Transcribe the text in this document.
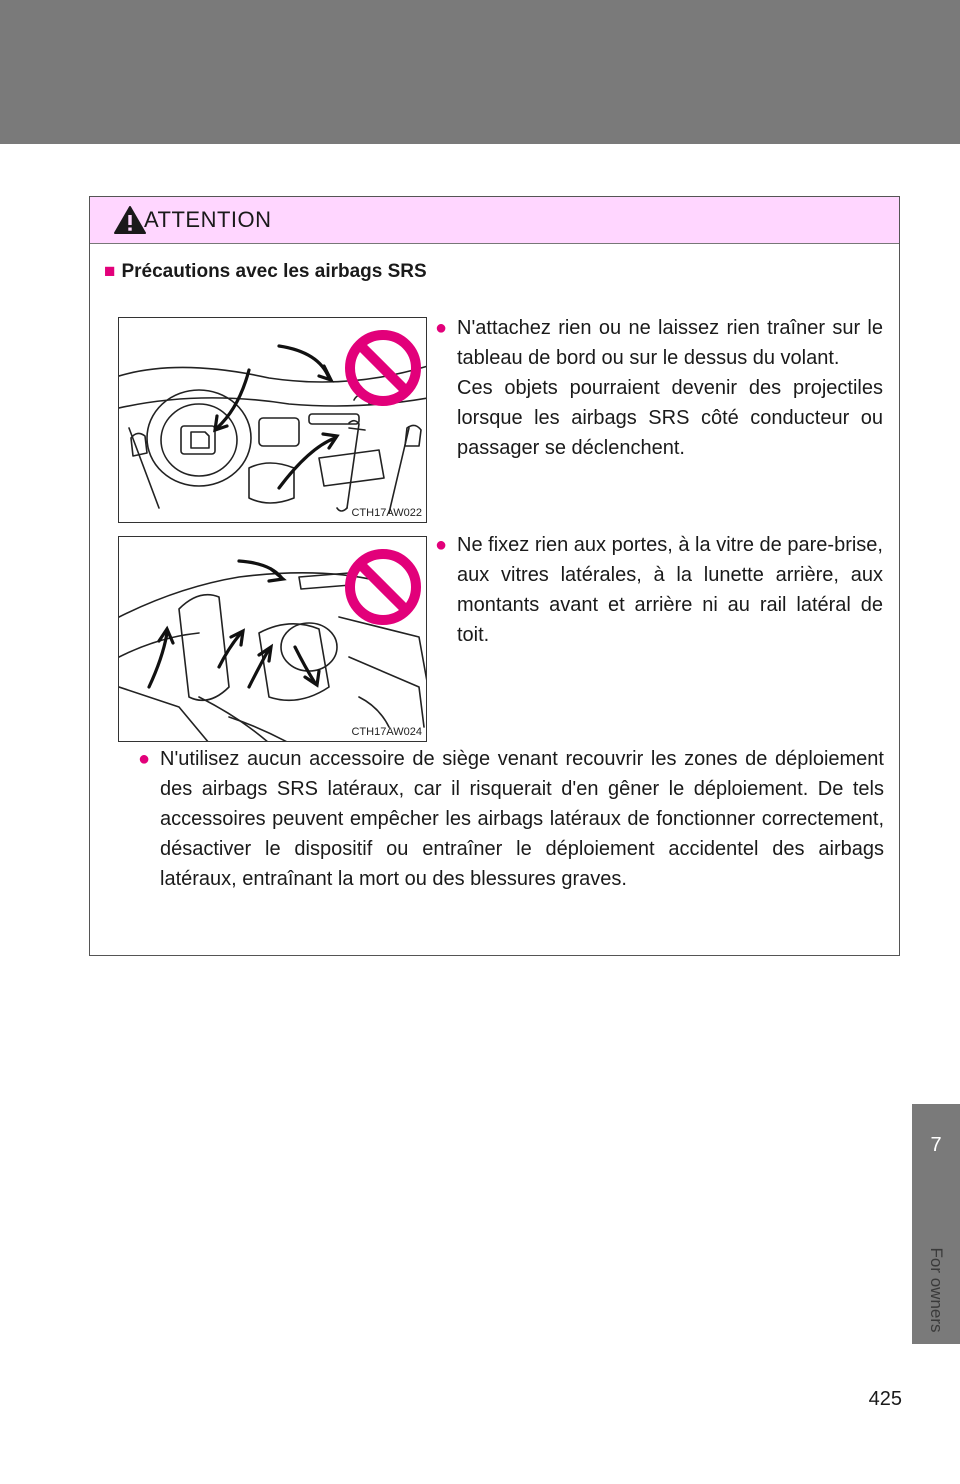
7
For owners
425
ATTENTION
■ Précautions avec les airbags SRS
CTH17AW022
CTH17AW024
● N'attachez rien ou ne laissez rien traîner sur le tableau de bord ou sur le dessus du volant.
Ces objets pourraient devenir des projectiles lorsque les airbags SRS côté conducteur ou passager se déclenchent.
● Ne fixez rien aux portes, à la vitre de pare-brise, aux vitres latérales, à la lunette arrière, aux montants avant et arrière ni au rail latéral de toit.
● N'utilisez aucun accessoire de siège venant recouvrir les zones de déploiement des airbags SRS latéraux, car il risquerait d'en gêner le déploiement. De tels accessoires peuvent empêcher les airbags latéraux de fonctionner correctement, désactiver le dispositif ou entraîner le déploiement accidentel des airbags latéraux, entraînant la mort ou des blessures graves.
